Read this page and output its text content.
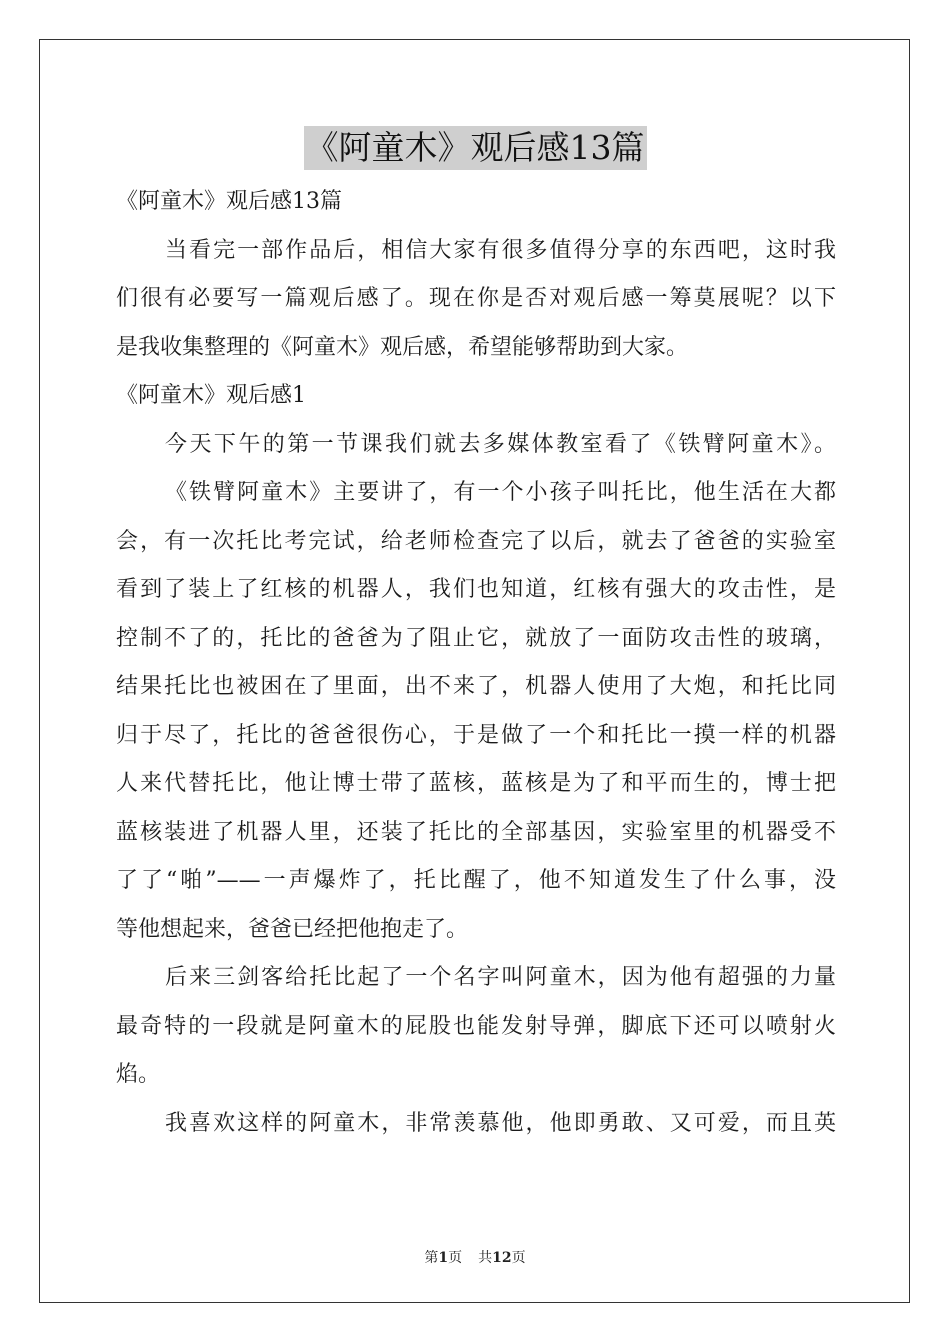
《阿童木》观后感13篇
《阿童木》观后感13篇
当看完一部作品后，相信大家有很多值得分享的东西吧，这时我
们很有必要写一篇观后感了。现在你是否对观后感一筹莫展呢？以下
是我收集整理的《阿童木》观后感，希望能够帮助到大家。
《阿童木》观后感1
今天下午的第一节课我们就去多媒体教室看了《铁臂阿童木》。
《铁臂阿童木》主要讲了，有一个小孩子叫托比，他生活在大都
会，有一次托比考完试，给老师检查完了以后，就去了爸爸的实验室
看到了装上了红核的机器人，我们也知道，红核有强大的攻击性，是
控制不了的，托比的爸爸为了阻止它，就放了一面防攻击性的玻璃，
结果托比也被困在了里面，出不来了，机器人使用了大炮，和托比同
归于尽了，托比的爸爸很伤心，于是做了一个和托比一摸一样的机器
人来代替托比，他让博士带了蓝核，蓝核是为了和平而生的，博士把
蓝核装进了机器人里，还装了托比的全部基因，实验室里的机器受不
了了“啪”——一声爆炸了，托比醒了，他不知道发生了什么事，没
等他想起来，爸爸已经把他抱走了。
后来三剑客给托比起了一个名字叫阿童木，因为他有超强的力量
最奇特的一段就是阿童木的屁股也能发射导弹，脚底下还可以喷射火
焰。
我喜欢这样的阿童木，非常羡慕他，他即勇敢、又可爱，而且英
第1页 共12页
